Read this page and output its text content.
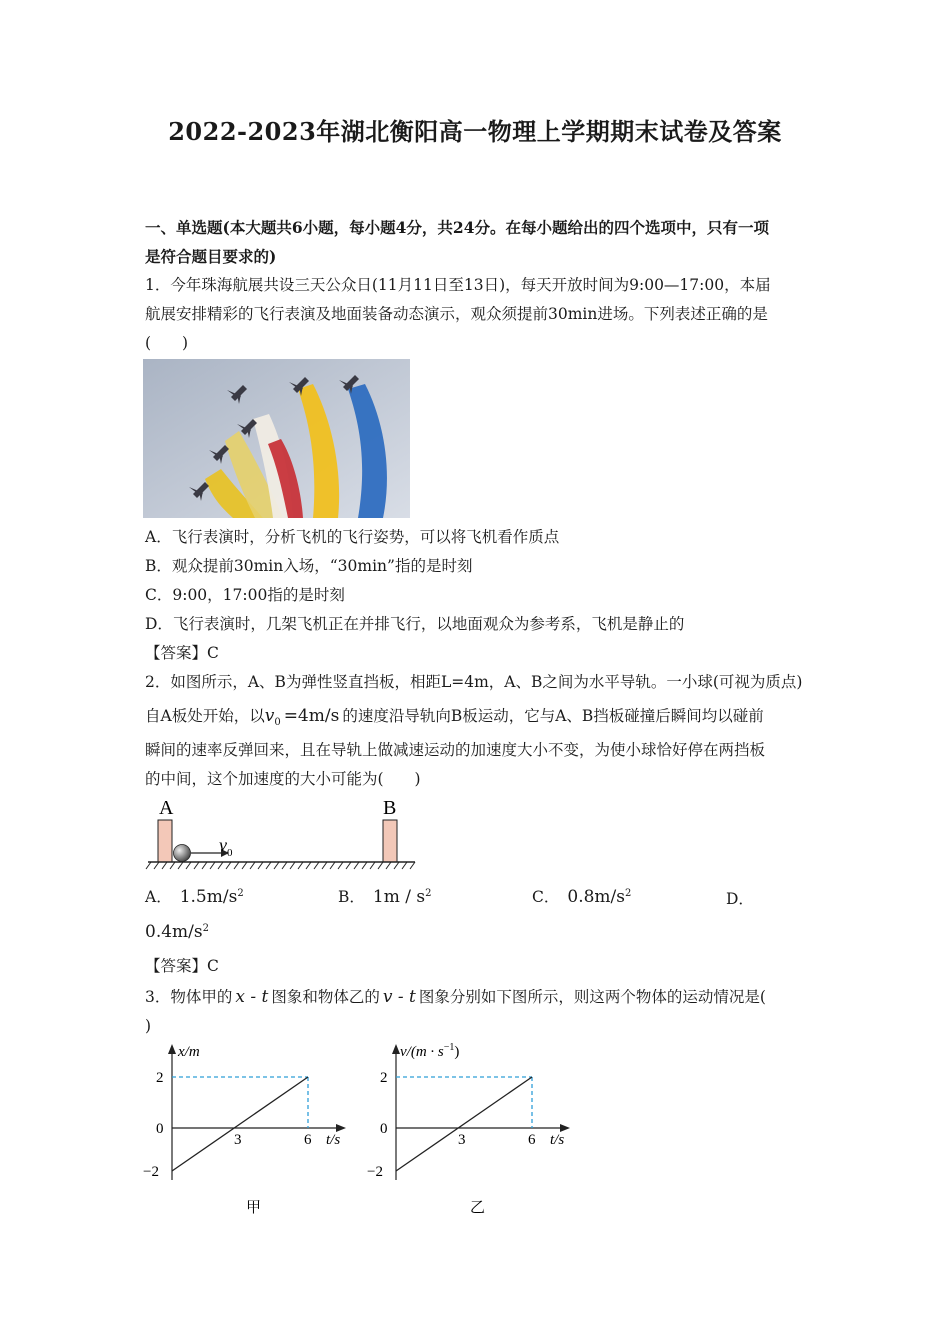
2022-2023年湖北衡阳高一物理上学期期末试卷及答案
一、单选题(本大题共6小题，每小题4分，共24分。在每小题给出的四个选项中，只有一项
是符合题目要求的)
1．今年珠海航展共设三天公众日(11月11日至13日)，每天开放时间为9:00—17:00，本届
航展安排精彩的飞行表演及地面装备动态演示，观众须提前30min进场。下列表述正确的是
(　　)
A．飞行表演时，分析飞机的飞行姿势，可以将飞机看作质点
B．观众提前30min入场，“30min”指的是时刻
C．9:00，17:00指的是时刻
D．飞行表演时，几架飞机正在并排飞行，以地面观众为参考系，飞机是静止的
【答案】C
2．如图所示，A、B为弹性竖直挡板，相距L=4m，A、B之间为水平导轨。一小球(可视为质点)
自A板处开始，以$v_0 =4m/s$ 的速度沿导轨向B板运动，它与A、B挡板碰撞后瞬间均以碰前
瞬间的速率反弹回来，且在导轨上做减速运动的加速度大小不变，为使小球恰好停在两挡板
的中间，这个加速度的大小可能为(　　)
A	B
$v_0$
A． $1.5m/s^2$	B． $1m / s^2$	C． $0.8m/s^2$	D．
$0.4m/s^2$
【答案】C
3．物体甲的 x - t 图象和物体乙的 v - t 图象分别如下图所示，则这两个物体的运动情况是(
)
x/m
2
0
−2
3	6 t/s
甲
$v/(m \cdot s^{-1})$
2
0
−2
3	6 t/s
乙
